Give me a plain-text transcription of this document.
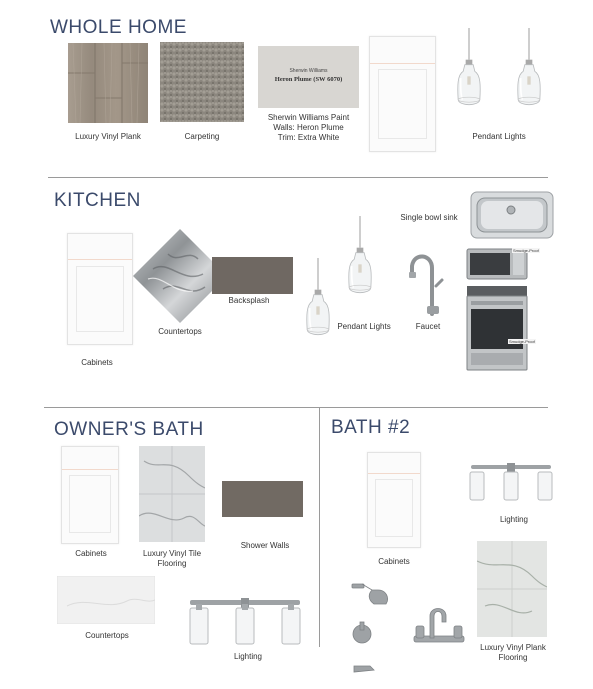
WHOLE HOME
Luxury Vinyl Plank	Carpeting
Sherwin Williams
Heron Plume (SW 6070)
Sherwin Williams Paint
Walls: Heron Plume
Trim: Extra White	Pendant Lights
KITCHEN
Single bowl sink
Cabinets
Countertops
Backsplash
Pendant Lights	Faucet
Smudge-Proof
Smudge-Proof
OWNER'S BATH
Cabinets	Luxury Vinyl Tile
Flooring
Shower Walls
Countertops
Lighting
BATH #2
Lighting
Cabinets
Luxury Vinyl Plank
Flooring
